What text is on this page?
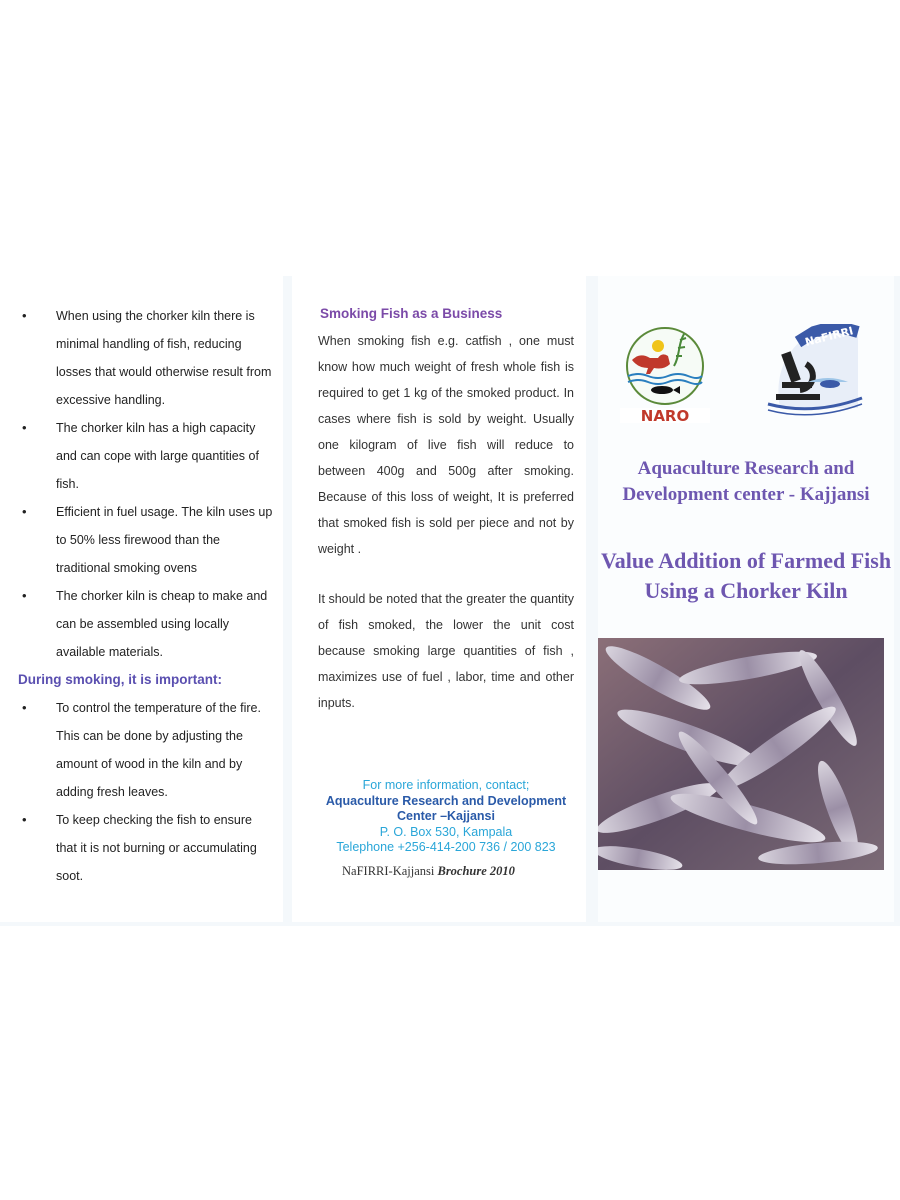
• When using the chorker kiln there is minimal handling of fish, reducing losses that would otherwise result from excessive handling.
• The chorker kiln has a high capacity and can cope with large quantities of fish.
• Efficient in fuel usage. The kiln uses up to 50% less firewood than the traditional smoking ovens
• The chorker kiln is cheap to make and can be assembled using locally available materials.
During smoking, it is important:
• To control the temperature of the fire. This can be done by adjusting the amount of wood in the kiln and by adding fresh leaves.
• To keep checking the fish to ensure that it is not burning or accumulating soot.
Smoking Fish as a Business

When smoking fish e.g. catfish , one must know how much weight of fresh whole fish is required to get 1 kg of the smoked product. In cases where fish is sold by weight. Usually one kilogram of live fish will reduce to between 400g and 500g after smoking. Because of this loss of weight, It is preferred that smoked fish is sold per piece and not by weight .

It should be noted that the greater the quantity of fish smoked, the lower the unit cost because smoking large quantities of fish , maximizes use of fuel , labor, time and other inputs.

For more information, contact;
Aquaculture Research and Development
Center –Kajjansi
P. O. Box 530, Kampala
Telephone +256-414-200 736 / 200 823
NaFIRRI-Kajjansi Brochure 2010
NARO
NaFIRRI
Aquaculture Research and Development center - Kajjansi
Value Addition of Farmed Fish Using a Chorker Kiln
